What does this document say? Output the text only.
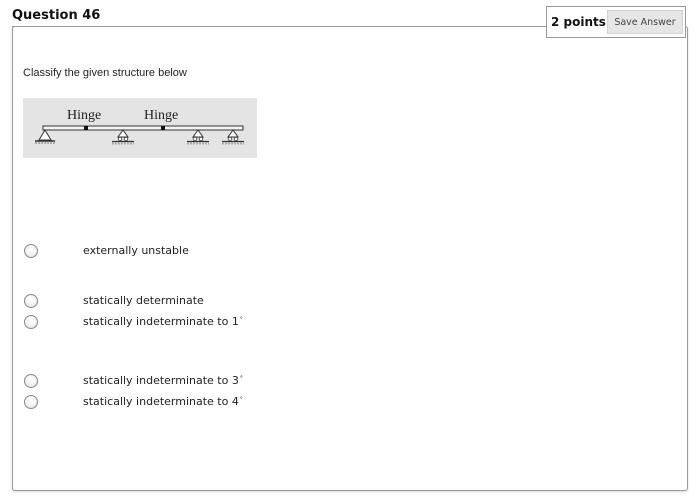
Question 46
Classify the given structure below
Hinge	Hinge
externally unstable
statically determinate
statically indeterminate to 1°
statically indeterminate to 3°
statically indeterminate to 4°
2 points Save Answer
